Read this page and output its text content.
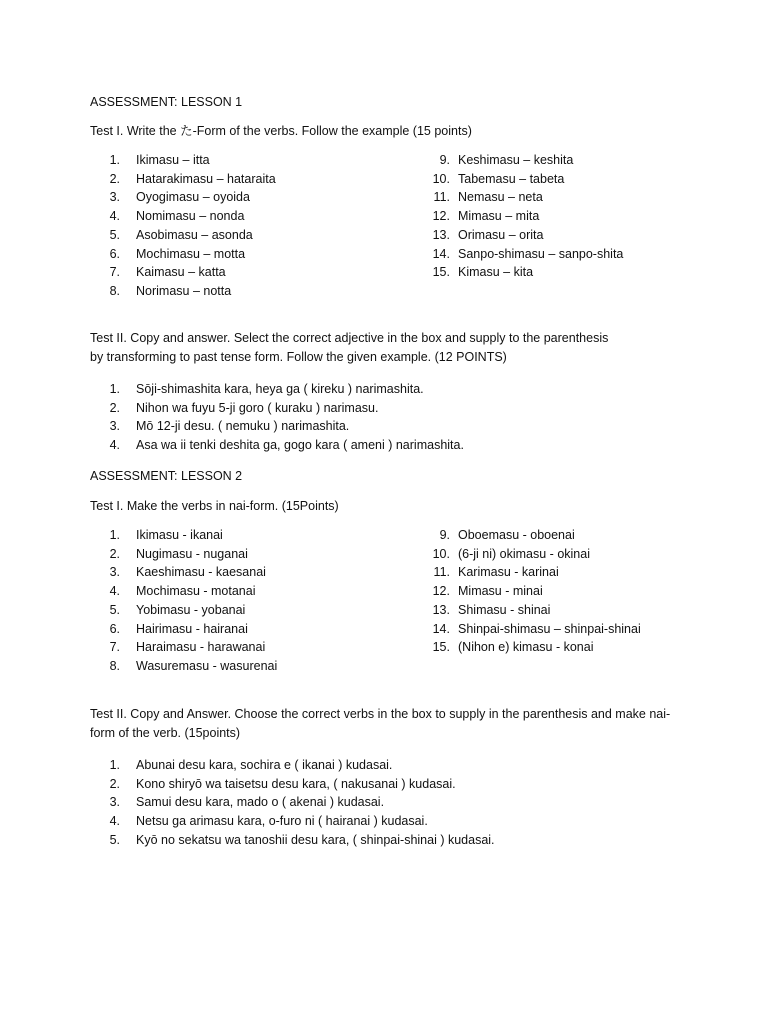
ASSESSMENT: LESSON 1

Test I. Write the た-Form of the verbs. Follow the example (15 points)

1.	Ikimasu – itta
2.	Hatarakimasu – hataraita
3.	Oyogimasu – oyoida
4.	Nomimasu – nonda
5.	Asobimasu – asonda
6.	Mochimasu – motta
7.	Kaimasu – katta
8.	Norimasu – notta
9. Keshimasu – keshita
10. Tabemasu – tabeta
11. Nemasu – neta
12. Mimasu – mita
13. Orimasu – orita
14. Sanpo-shimasu – sanpo-shita
15. Kimasu – kita

Test II. Copy and answer. Select the correct adjective in the box and supply to the parenthesis

by transforming to past tense form. Follow the given example. (12 POINTS)

1.	Sōji-shimashita kara, heya ga ( kireku ) narimashita.
2.	Nihon wa fuyu 5-ji goro ( kuraku ) narimasu.
3.	Mō 12-ji desu. ( nemuku ) narimashita.
4.	Asa wa ii tenki deshita ga, gogo kara ( ameni ) narimashita.

ASSESSMENT: LESSON 2

Test I. Make the verbs in nai-form. (15Points)

1.	Ikimasu - ikanai
2.	Nugimasu - nuganai
3.	Kaeshimasu - kaesanai
4.	Mochimasu - motanai
5.	Yobimasu - yobanai
6.	Hairimasu - hairanai
7.	Haraimasu - harawanai
8.	Wasuremasu - wasurenai
9. Oboemasu - oboenai
10. (6-ji ni) okimasu - okinai
11. Karimasu - karinai
12. Mimasu - minai
13. Shimasu - shinai
14. Shinpai-shimasu – shinpai-shinai
15. (Nihon e) kimasu - konai

Test II. Copy and Answer. Choose the correct verbs in the box to supply in the parenthesis and make nai-

form of the verb. (15points)

1.	Abunai desu kara, sochira e ( ikanai ) kudasai.
2.	Kono shiryō wa taisetsu desu kara, ( nakusanai ) kudasai.
3.	Samui desu kara, mado o ( akenai ) kudasai.
4.	Netsu ga arimasu kara, o-furo ni ( hairanai ) kudasai.
5.	Kyō no sekatsu wa tanoshii desu kara, ( shinpai-shinai ) kudasai.
